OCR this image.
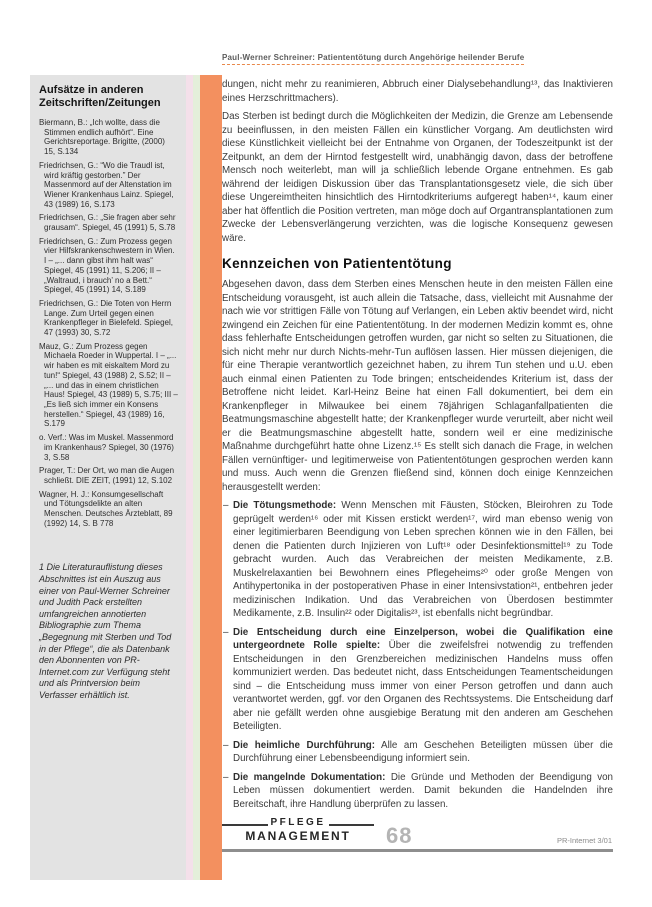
Paul-Werner Schreiner: Patiententötung durch Angehörige heilender Berufe
Aufsätze in anderen Zeitschriften/Zeitungen

Biermann, B.: „Ich wollte, dass die Stimmen endlich aufhört“. Eine Gerichtsreportage. Brigitte, (2000) 15, S.134

Friedrichsen, G.: “Wo die Traudl ist, wird kräftig gestorben.” Der Massenmord auf der Altenstation im Wiener Krankenhaus Lainz. Spiegel, 43 (1989) 16, S.173

Friedrichsen, G.: „Sie fragen aber sehr grausam“. Spiegel, 45 (1991) 5, S.78

Friedrichsen, G.: Zum Prozess gegen vier Hilfskrankenschwestern in Wien. I – „... dann gibst ihm halt was“ Spiegel, 45 (1991) 11, S.206; II – „Waltraud, i brauch’ no a Bett.“ Spiegel, 45 (1991) 14, S.189

Friedrichsen, G.: Die Toten von Herrn Lange. Zum Urteil gegen einen Krankenpfleger in Bielefeld. Spiegel, 47 (1993) 30, S.72

Mauz, G.: Zum Prozess gegen Michaela Roeder in Wuppertal. I – „... wir haben es mit eiskaltem Mord zu tun!“ Spiegel, 43 (1988) 2, S.52; II – „... und das in einem christlichen Haus! Spiegel, 43 (1989) 5, S.75; III – „Es ließ sich immer ein Konsens herstellen.“ Spiegel, 43 (1989) 16, S.179

o. Verf.: Was im Muskel. Massenmord im Krankenhaus? Spiegel, 30 (1976) 3, S.58

Prager, T.: Der Ort, wo man die Augen schließt. DIE ZEIT, (1991) 12, S.102

Wagner, H. J.: Konsumgesellschaft und Tötungsdelikte an alten Menschen. Deutsches Ärzteblatt, 89 (1992) 14, S. B 778

1 Die Literaturauflistung dieses Abschnittes ist ein Auszug aus einer von Paul-Werner Schreiner und Judith Pack erstellten umfangreichen annotierten Bibliographie zum Thema „Begegnung mit Sterben und Tod in der Pflege“, die als Datenbank den Abonnenten von PR-Internet.com zur Verfügung steht und als Printversion beim Verfasser erhältlich ist.

dungen, nicht mehr zu reanimieren, Abbruch einer Dialysebehandlung¹³, das Inaktivieren eines Herzschrittmachers).

Das Sterben ist bedingt durch die Möglichkeiten der Medizin, die Grenze am Lebensende zu beeinflussen, in den meisten Fällen ein künstlicher Vorgang. Am deutlichsten wird diese Künstlichkeit vielleicht bei der Entnahme von Organen, der Todeszeitpunkt ist der Zeitpunkt, an dem der Hirntod festgestellt wird, unabhängig davon, dass der betroffene Mensch noch weiterlebt, man will ja schließlich lebende Organe entnehmen. Es gab während der leidigen Diskussion über das Transplantationsgesetz viele, die sich über diese Ungereimtheiten hinsichtlich des Hirntodkriteriums aufgeregt haben¹⁴, kaum einer aber hat öffentlich die Position vertreten, man möge doch auf Organtransplantationen zum Zwecke der Lebensverlängerung verzichten, was die logische Konsequenz gewesen wäre.

Kennzeichen von Patiententötung

Abgesehen davon, dass dem Sterben eines Menschen heute in den meisten Fällen eine Entscheidung vorausgeht, ist auch allein die Tatsache, dass, vielleicht mit Ausnahme der nach wie vor strittigen Fälle von Tötung auf Verlangen, ein Leben aktiv beendet wird, nicht zwingend ein Zeichen für eine Patiententötung. In der modernen Medizin kommt es, ohne dass fehlerhafte Entscheidungen getroffen wurden, gar nicht so selten zu Situationen, die sich nicht mehr nur durch Nichts-mehr-Tun auflösen lassen. Hier müssen diejenigen, die für eine Therapie verantwortlich gezeichnet haben, zu ihrem Tun stehen und u.U. eben auch einmal einen Patienten zu Tode bringen; entscheidendes Kriterium ist, dass der Betroffene nicht leidet. Karl-Heinz Beine hat einen Fall dokumentiert, bei dem ein Krankenpfleger in Milwaukee bei einem 78jährigen Schlaganfallpatienten die Beatmungsmaschine abgestellt hatte; der Krankenpfleger wurde verurteilt, aber nicht weil er die Beatmungsmaschine abgestellt hatte, sondern weil er eine medizinische Maßnahme durchgeführt hatte ohne Lizenz.¹⁵ Es stellt sich danach die Frage, in welchen Fällen vernünftiger- und legitimerweise von Patiententötungen gesprochen werden kann und muss. Auch wenn die Grenzen fließend sind, können doch einige Kennzeichen herausgestellt werden:

– Die Tötungsmethode: Wenn Menschen mit Fäusten, Stöcken, Bleirohren zu Tode geprügelt werden¹⁶ oder mit Kissen erstickt werden¹⁷, wird man ebenso wenig von einer legitimierbaren Beendigung von Leben sprechen können wie in den Fällen, bei denen die Patienten durch Injizieren von Luft¹⁸ oder Desinfektionsmittel¹⁹ zu Tode gebracht wurden. Auch das Verabreichen der meisten Medikamente, z.B. Muskelrelaxantien bei Bewohnern eines Pflegeheims²⁰ oder große Mengen von Antihypertonika in der postoperativen Phase in einer Intensivstation²¹, entbehren jeder medizinischen Indikation. Und das Verabreichen von Überdosen bestimmter Medikamente, z.B. Insulin²² oder Digitalis²³, ist ebenfalls nicht begründbar.
– Die Entscheidung durch eine Einzelperson, wobei die Qualifikation eine untergeordnete Rolle spielte: Über die zweifelsfrei notwendig zu treffenden Entscheidungen in den Grenzbereichen medizinischen Handelns muss offen kommuniziert werden. Das bedeutet nicht, dass Entscheidungen Teamentscheidungen sind – die Entscheidung muss immer von einer Person getroffen und dann auch verantwortet werden, ggf. vor den Organen des Rechtssystems. Die Entscheidung darf aber nie gefällt werden ohne ausgiebige Beratung mit den anderen am Geschehen Beteiligten.
– Die heimliche Durchführung: Alle am Geschehen Beteiligten müssen über die Durchführung einer Lebensbeendigung informiert sein.
– Die mangelnde Dokumentation: Die Gründe und Methoden der Beendigung von Leben müssen dokumentiert werden. Damit bekunden die Handelnden ihre Bereitschaft, ihre Handlung überprüfen zu lassen.
PFLEGE
MANAGEMENT	68	PR-Internet 3/01
